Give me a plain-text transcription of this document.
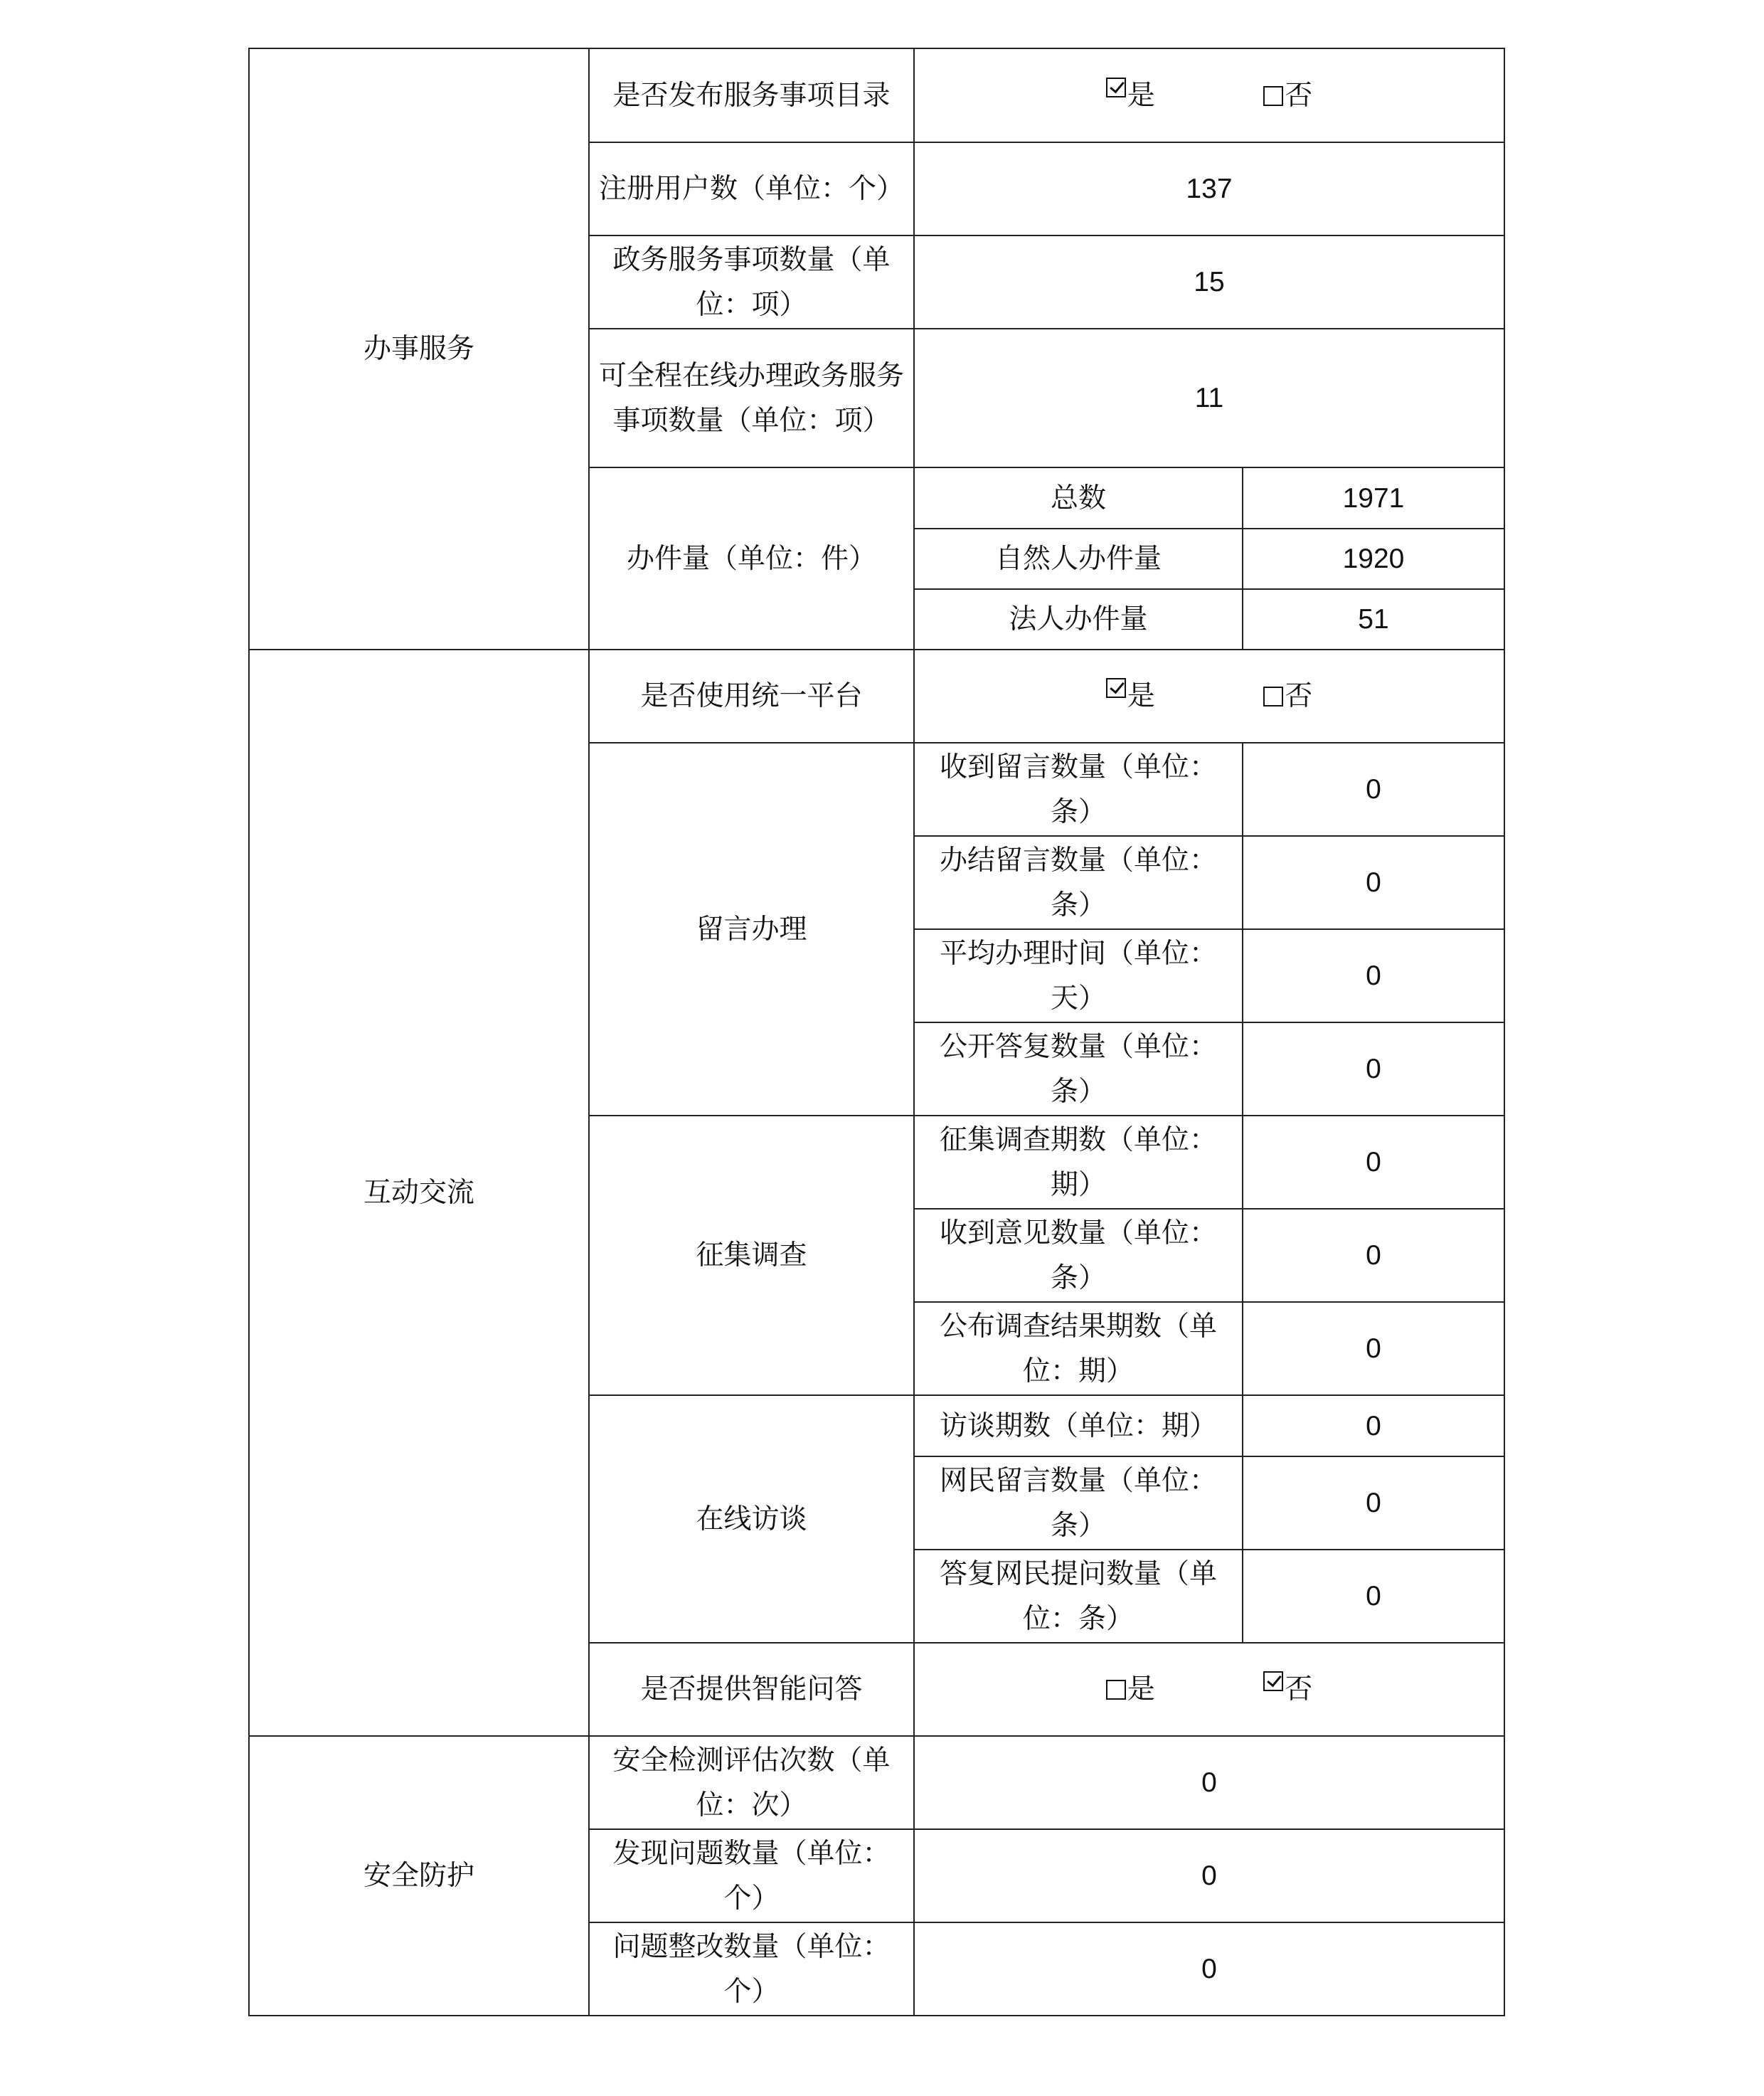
办事服务	是否发布服务事项目录	是 否	
	注册用户数（单位：个）	137	
	政务服务事项数量（单位：项）	15	
	可全程在线办理政务服务事项数量（单位：项）	11	
	办件量（单位：件）	总数	1971
		自然人办件量	1920
		法人办件量	51
互动交流	是否使用统一平台	是 否	
	留言办理	收到留言数量（单位：条）	0
		办结留言数量（单位：条）	0
		平均办理时间（单位：天）	0
		公开答复数量（单位：条）	0
	征集调查	征集调查期数（单位：期）	0
		收到意见数量（单位：条）	0
		公布调查结果期数（单位：期）	0
	在线访谈	访谈期数（单位：期）	0
		网民留言数量（单位：条）	0
		答复网民提问数量（单位：条）	0
	是否提供智能问答	是 否	
安全防护	安全检测评估次数（单位：次）	0	
	发现问题数量（单位：个）	0	
	问题整改数量（单位：个）	0	
